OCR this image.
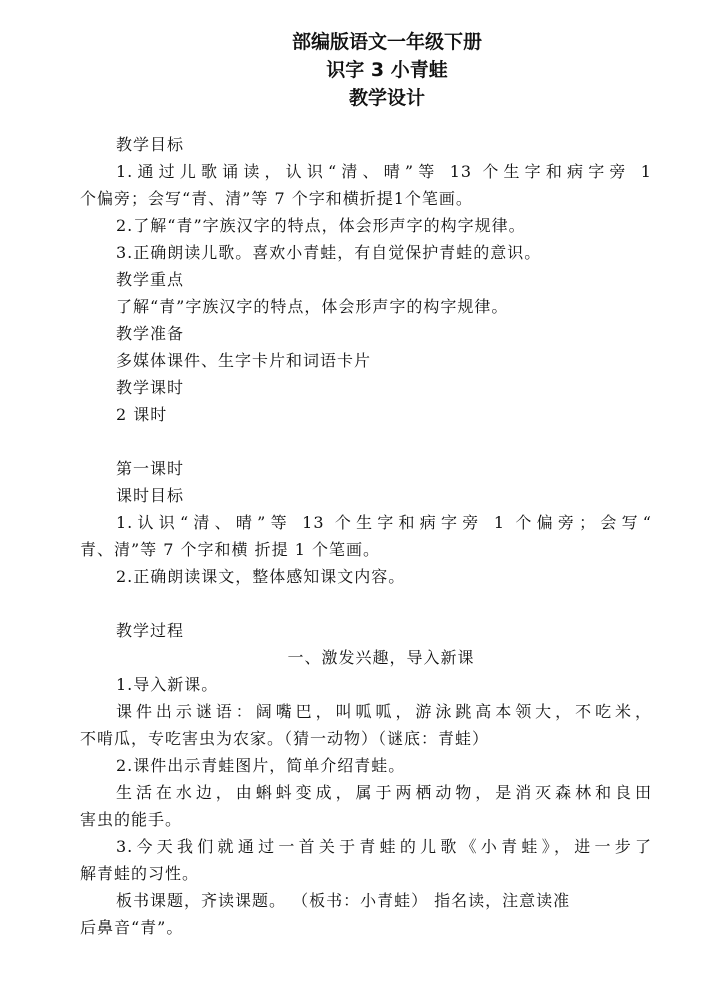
部编版语文一年级下册
识字 3 小青蛙
教学设计
教学目标
1.通过儿歌诵读，认识“清、晴”等 13 个生字和病字旁 1
个偏旁；会写“青、清”等 7 个字和横折提1个笔画。
2.了解“青”字族汉字的特点，体会形声字的构字规律。
3.正确朗读儿歌。喜欢小青蛙，有自觉保护青蛙的意识。
教学重点
了解“青”字族汉字的特点，体会形声字的构字规律。
教学准备
多媒体课件、生字卡片和词语卡片
教学课时
2 课时
第一课时
课时目标
1.认识“清、晴”等 13 个生字和病字旁 1 个偏旁；会写“
青、清”等 7 个字和横 折提 1 个笔画。
2.正确朗读课文，整体感知课文内容。
教学过程
一、激发兴趣，导入新课
1.导入新课。
课件出示谜语：阔嘴巴，叫呱呱，游泳跳高本领大，不吃米，
不啃瓜，专吃害虫为农家。（猜一动物）（谜底：青蛙）
2.课件出示青蛙图片，简单介绍青蛙。
生活在水边，由蝌蚪变成，属于两栖动物，是消灭森林和良田
害虫的能手。
3.今天我们就通过一首关于青蛙的儿歌《小青蛙》，进一步了
解青蛙的习性。
板书课题，齐读课题。 （板书：小青蛙） 指名读，注意读准
后鼻音“青”。
